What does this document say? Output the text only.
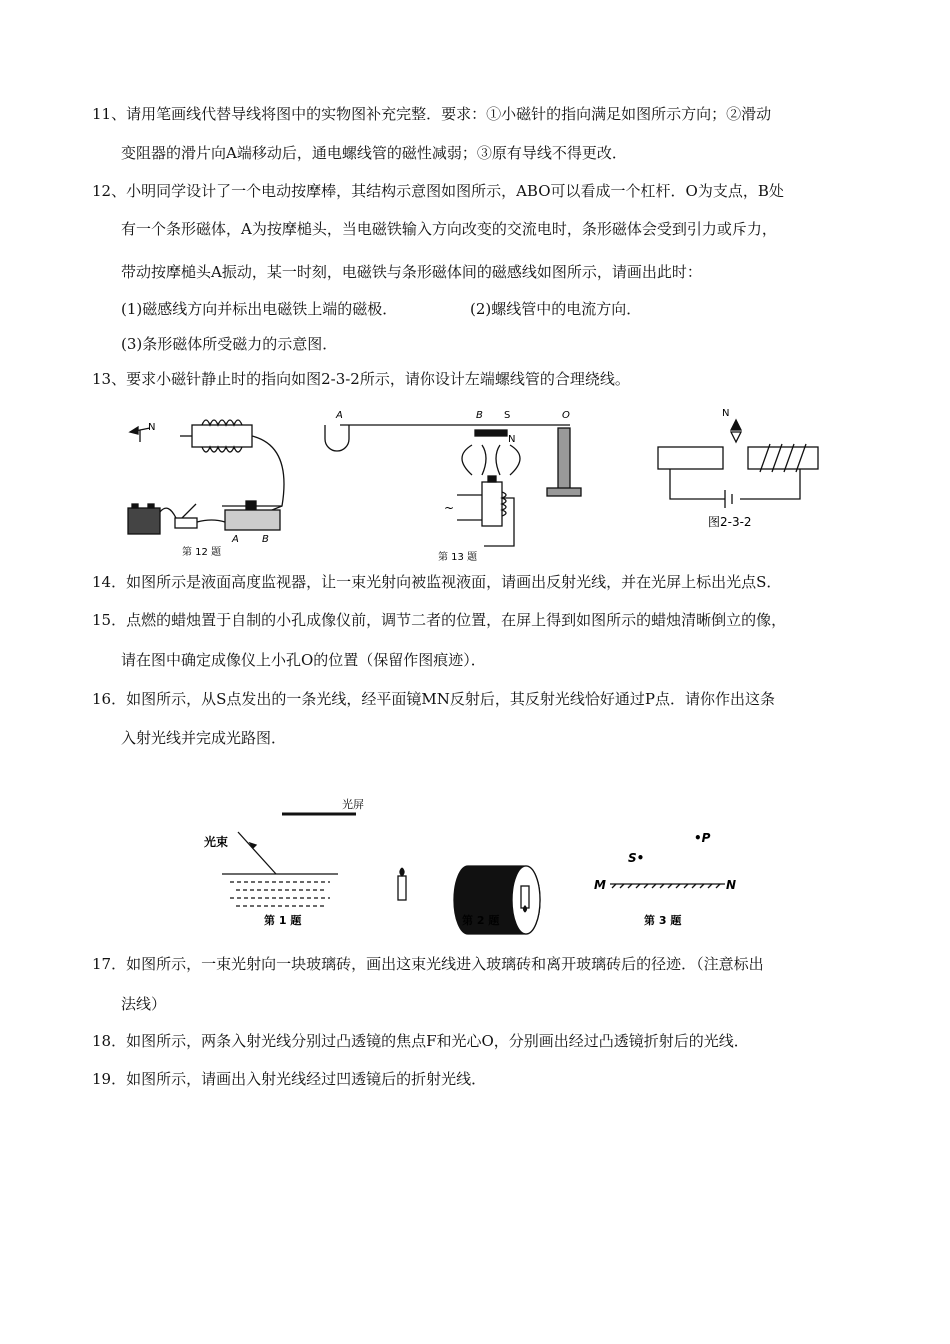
11、请用笔画线代替导线将图中的实物图补充完整．要求：①小磁针的指向满足如图所示方向；②滑动
变阻器的滑片向A端移动后，通电螺线管的磁性减弱；③原有导线不得更改．
12、小明同学设计了一个电动按摩棒，其结构示意图如图所示，ABO可以看成一个杠杆．O为支点，B处
有一个条形磁体，A为按摩槌头，当电磁铁输入方向改变的交流电时，条形磁体会受到引力或斥力，
带动按摩槌头A振动，某一时刻，电磁铁与条形磁体间的磁感线如图所示，请画出此时：
(1)磁感线方向并标出电磁铁上端的磁极．	(2)螺线管中的电流方向．
(3)条形磁体所受磁力的示意图．
13、要求小磁针静止时的指向如图2-3-2所示，请你设计左端螺线管的合理绕线。
N
A B
第 12 题
A	B S	O
N
~
第 13 题
N
图2-3-2
14．如图所示是液面高度监视器，让一束光射向被监视液面，请画出反射光线，并在光屏上标出光点S．
15．点燃的蜡烛置于自制的小孔成像仪前，调节二者的位置，在屏上得到如图所示的蜡烛清晰倒立的像，
请在图中确定成像仪上小孔O的位置（保留作图痕迹）．
16．如图所示，从S点发出的一条光线，经平面镜MN反射后，其反射光线恰好通过P点．请你作出这条
入射光线并完成光路图．
光屏
光束
第 1 题	第 2 题
S•
•P
M	N
第 3 题
17．如图所示，一束光射向一块玻璃砖，画出这束光线进入玻璃砖和离开玻璃砖后的径迹．（注意标出
法线）
18．如图所示，两条入射光线分别过凸透镜的焦点F和光心O，分别画出经过凸透镜折射后的光线．
19．如图所示，请画出入射光线经过凹透镜后的折射光线．
